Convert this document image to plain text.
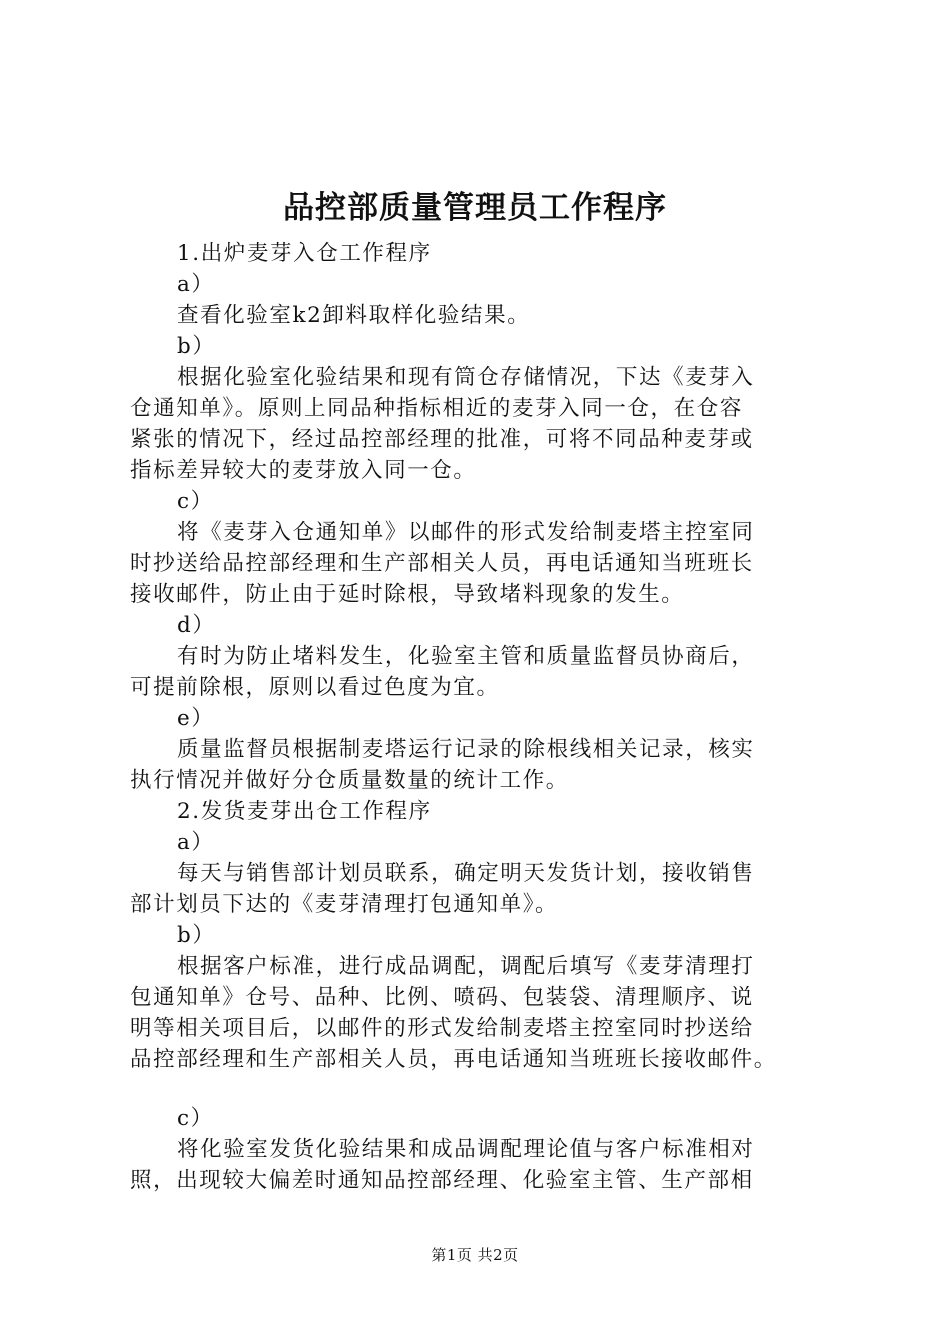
品控部质量管理员工作程序
1.出炉麦芽入仓工作程序
a）
查看化验室k2卸料取样化验结果。
b）
根据化验室化验结果和现有筒仓存储情况，下达《麦芽入
仓通知单》。原则上同品种指标相近的麦芽入同一仓，在仓容
紧张的情况下，经过品控部经理的批准，可将不同品种麦芽或
指标差异较大的麦芽放入同一仓。
c）
将《麦芽入仓通知单》以邮件的形式发给制麦塔主控室同
时抄送给品控部经理和生产部相关人员，再电话通知当班班长
接收邮件，防止由于延时除根，导致堵料现象的发生。
d）
有时为防止堵料发生，化验室主管和质量监督员协商后，
可提前除根，原则以看过色度为宜。
e）
质量监督员根据制麦塔运行记录的除根线相关记录，核实
执行情况并做好分仓质量数量的统计工作。
2.发货麦芽出仓工作程序
a）
每天与销售部计划员联系，确定明天发货计划，接收销售
部计划员下达的《麦芽清理打包通知单》。
b）
根据客户标准，进行成品调配，调配后填写《麦芽清理打
包通知单》仓号、品种、比例、喷码、包装袋、清理顺序、说
明等相关项目后，以邮件的形式发给制麦塔主控室同时抄送给
品控部经理和生产部相关人员，再电话通知当班班长接收邮件。
c）
将化验室发货化验结果和成品调配理论值与客户标准相对
照，出现较大偏差时通知品控部经理、化验室主管、生产部相
第1页 共2页
